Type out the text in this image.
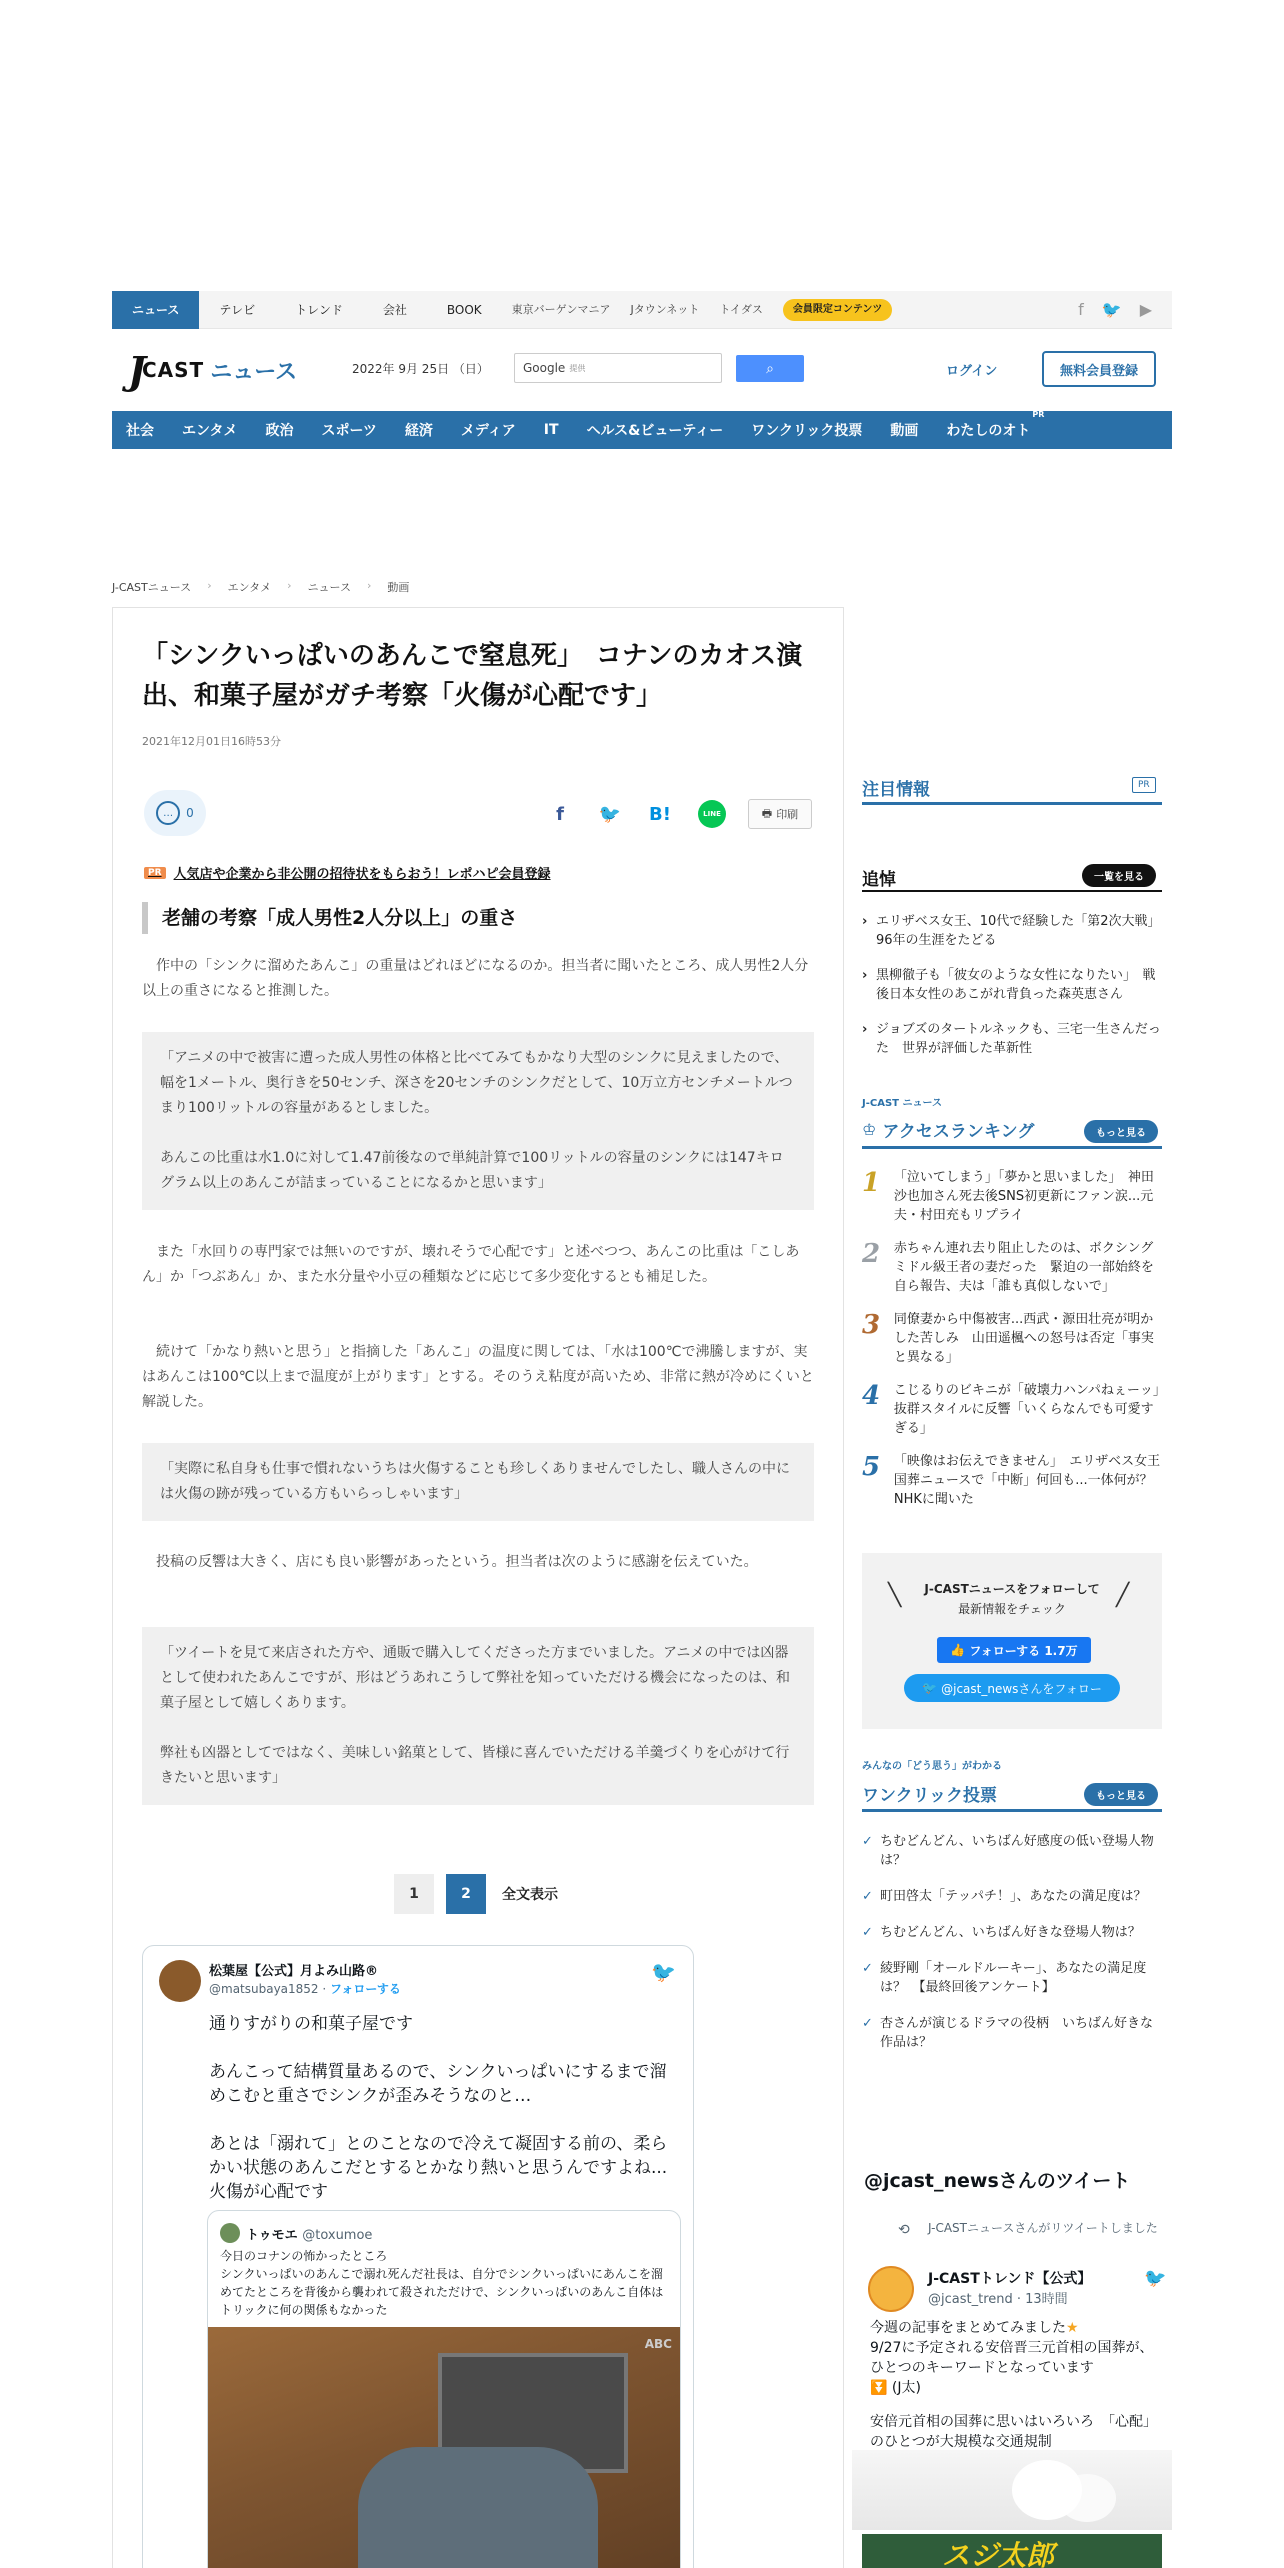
ニュース	テレビ	トレンド	会社	BOOK	東京バーゲンマニア	Jタウンネット	トイダス	会員限定コンテンツ	f 🐦 ▶
J
CAST ニュース	2022年 9月 25日 （日）	Google 提供	⌕	ログイン	無料会員登録
社会 エンタメ 政治 スポーツ 経済 メディア IT ヘルス&ビューティー ワンクリック投票 動画 わたしのオト
PR
J-CASTニュース › エンタメ › ニュース › 動画
「シンクいっぱいのあんこで窒息死」　コナンのカオス演出、和菓子屋がガチ考察「火傷が心配です」
2021年12月01日16時53分
…	0	f	🐦 B!	LINE	🖶 印刷
PR 人気店や企業から非公開の招待状をもらおう！レポハピ会員登録
老舗の考察「成人男性2人分以上」の重さ

作中の「シンクに溜めたあんこ」の重量はどれほどになるのか。担当者に聞いたところ、成人男性2人分以上の重さになると推測した。

「アニメの中で被害に遭った成人男性の体格と比べてみてもかなり大型のシンクに見えましたので、幅を1メートル、奥行きを50センチ、深さを20センチのシンクだとして、10万立方センチメートルつまり100リットルの容量があるとしました。

あんこの比重は水1.0に対して1.47前後なので単純計算で100リットルの容量のシンクには147キログラム以上のあんこが詰まっていることになるかと思います」

また「水回りの専門家では無いのですが、壊れそうで心配です」と述べつつ、あんこの比重は「こしあん」か「つぶあん」か、また水分量や小豆の種類などに応じて多少変化するとも補足した。

続けて「かなり熱いと思う」と指摘した「あんこ」の温度に関しては、「水は100℃で沸騰しますが、実はあんこは100℃以上まで温度が上がります」とする。そのうえ粘度が高いため、非常に熱が冷めにくいと解説した。

「実際に私自身も仕事で慣れないうちは火傷することも珍しくありませんでしたし、職人さんの中には火傷の跡が残っている方もいらっしゃいます」

投稿の反響は大きく、店にも良い影響があったという。担当者は次のように感謝を伝えていた。

「ツイートを見て来店された方や、通販で購入してくださった方までいました。アニメの中では凶器として使われたあんこですが、形はどうあれこうして弊社を知っていただける機会になったのは、和菓子屋として嬉しくあります。

弊社も凶器としてではなく、美味しい銘菓として、皆様に喜んでいただける羊羹づくりを心がけて行きたいと思います」

1	2	全文表示
松葉屋【公式】月よみ山路®
@matsubaya1852 · フォローする
🐦

通りすがりの和菓子屋です

あんこって結構質量あるので、シンクいっぱいにするまで溜めこむと重さでシンクが歪みそうなのと…

あとは「溺れて」とのことなので冷えて凝固する前の、柔らかい状態のあんこだとするとかなり熱いと思うんですよね...火傷が心配です

トゥモエ @toxumoe
今日のコナンの怖かったところ
シンクいっぱいのあんこで溺れ死んだ社長は、自分でシンクいっぱいにあんこを溜めてたところを背後から襲われて殺されただけで、シンクいっぱいのあんこ自体はトリックに何の関係もなかった
ABC
注目情報	PR
追悼	一覧を見る
› エリザベス女王、10代で経験した「第2次大戦」　96年の生涯をたどる
› 黒柳徹子も「彼女のような女性になりたい」　戦後日本女性のあこがれ背負った森英恵さん
› ジョブズのタートルネックも、三宅一生さんだった　世界が評価した革新性
J-CAST ニュース
♔ アクセスランキング	もっと見る
1 「泣いてしまう」「夢かと思いました」　神田沙也加さん死去後SNS初更新にファン涙...元夫・村田充もリプライ
2 赤ちゃん連れ去り阻止したのは、ボクシングミドル級王者の妻だった　緊迫の一部始終を自ら報告、夫は「誰も真似しないで」
3 同僚妻から中傷被害...西武・源田壮亮が明かした苦しみ　山田遥楓への怒号は否定「事実と異なる」
4 こじるりのビキニが「破壊力ハンパねぇーッ」　抜群スタイルに反響「いくらなんでも可愛すぎる」
5 「映像はお伝えできません」　エリザベス女王国葬ニュースで「中断」何回も...一体何が？NHKに聞いた
J-CASTニュースをフォローして
最新情報をチェック
╲	╱
👍 フォローする 1.7万
🐦 @jcast_newsさんをフォロー
みんなの「どう思う」がわかる
ワンクリック投票	もっと見る
✓ ちむどんどん、いちばん好感度の低い登場人物は？
✓ 町田啓太「テッパチ！」、あなたの満足度は？
✓ ちむどんどん、いちばん好きな登場人物は？
✓ 綾野剛「オールドルーキー」、あなたの満足度は？　【最終回後アンケート】
✓ 杏さんが演じるドラマの役柄　いちばん好きな作品は？
@jcast_newsさんのツイート
⟲ J-CASTニュースさんがリツイートしました
J-CASTトレンド【公式】
@jcast_trend · 13時間
🐦
今週の記事をまとめてみました★
9/27に予定される安倍晋三元首相の国葬が、ひとつのキーワードとなっています
⏬ (J太)
安倍元首相の国葬に思いはいろいろ　「心配」のひとつが大規模な交通規制
スジ太郎
